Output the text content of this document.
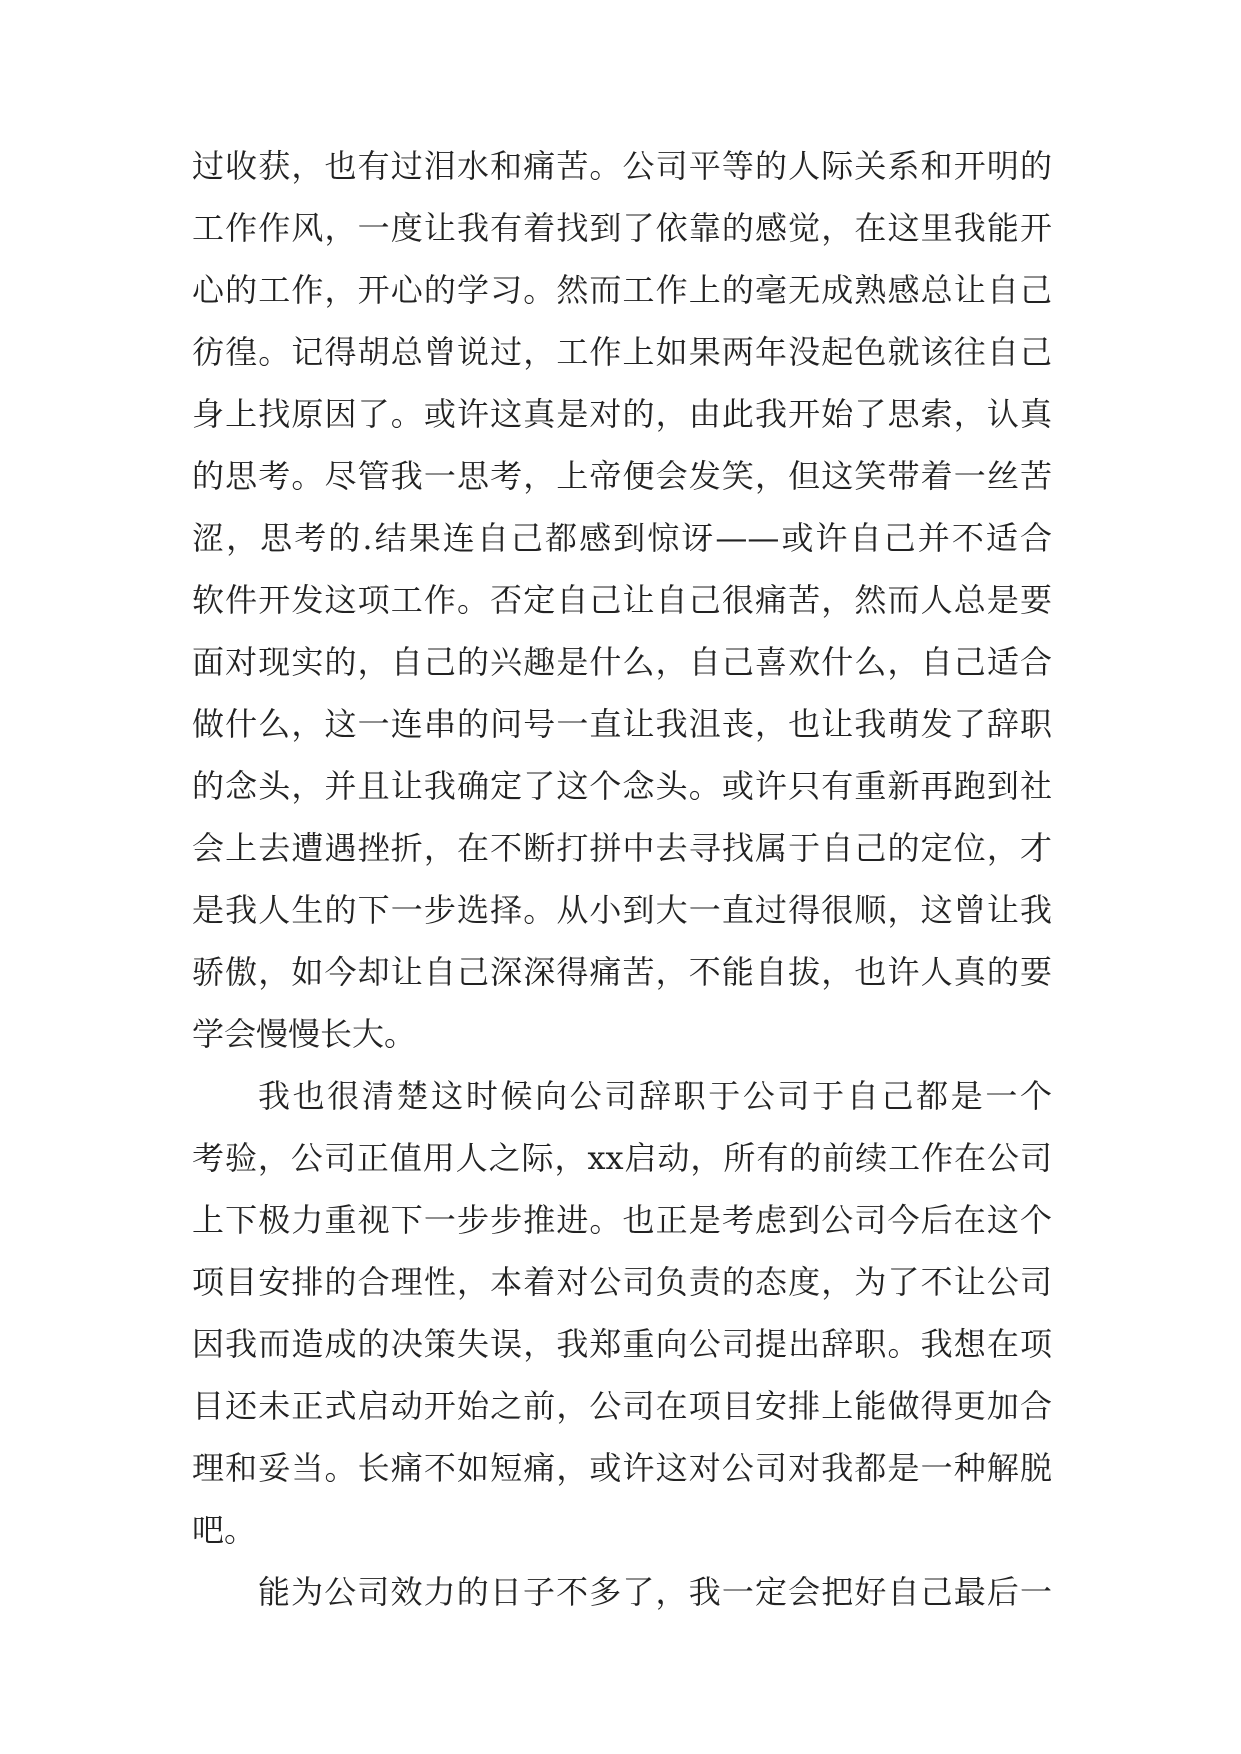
过收获，也有过泪水和痛苦。公司平等的人际关系和开明的
工作作风，一度让我有着找到了依靠的感觉，在这里我能开
心的工作，开心的学习。然而工作上的毫无成熟感总让自己
彷徨。记得胡总曾说过，工作上如果两年没起色就该往自己
身上找原因了。或许这真是对的，由此我开始了思索，认真
的思考。尽管我一思考，上帝便会发笑，但这笑带着一丝苦
涩，思考的.结果连自己都感到惊讶——或许自己并不适合
软件开发这项工作。否定自己让自己很痛苦，然而人总是要
面对现实的，自己的兴趣是什么，自己喜欢什么，自己适合
做什么，这一连串的问号一直让我沮丧，也让我萌发了辞职
的念头，并且让我确定了这个念头。或许只有重新再跑到社
会上去遭遇挫折，在不断打拼中去寻找属于自己的定位，才
是我人生的下一步选择。从小到大一直过得很顺，这曾让我
骄傲，如今却让自己深深得痛苦，不能自拔，也许人真的要
学会慢慢长大。
我也很清楚这时候向公司辞职于公司于自己都是一个
考验，公司正值用人之际，xx启动，所有的前续工作在公司
上下极力重视下一步步推进。也正是考虑到公司今后在这个
项目安排的合理性，本着对公司负责的态度，为了不让公司
因我而造成的决策失误，我郑重向公司提出辞职。我想在项
目还未正式启动开始之前，公司在项目安排上能做得更加合
理和妥当。长痛不如短痛，或许这对公司对我都是一种解脱
吧。
能为公司效力的日子不多了，我一定会把好自己最后一
